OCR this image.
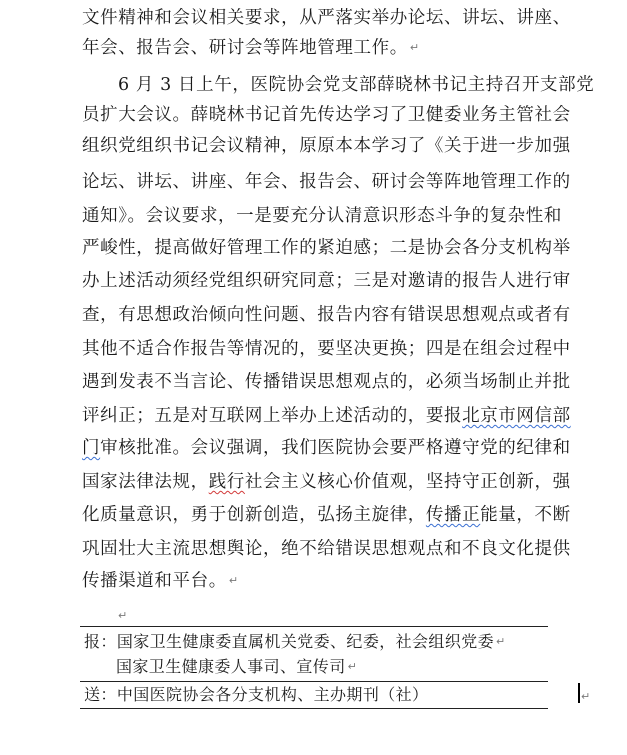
文件精神和会议相关要求，从严落实举办论坛、讲坛、讲座、
年会、报告会、研讨会等阵地管理工作。 ↵
6 月 3 日上午，医院协会党支部薛晓林书记主持召开支部党
员扩大会议。薛晓林书记首先传达学习了卫健委业务主管社会
组织党组织书记会议精神，原原本本学习了《关于进一步加强
论坛、讲坛、讲座、年会、报告会、研讨会等阵地管理工作的
通知》。会议要求，一是要充分认清意识形态斗争的复杂性和
严峻性，提高做好管理工作的紧迫感；二是协会各分支机构举
办上述活动须经党组织研究同意；三是对邀请的报告人进行审
查，有思想政治倾向性问题、报告内容有错误思想观点或者有
其他不适合作报告等情况的，要坚决更换；四是在组会过程中
遇到发表不当言论、传播错误思想观点的，必须当场制止并批
评纠正；五是对互联网上举办上述活动的，要报北京市网信部
门审核批准。会议强调，我们医院协会要严格遵守党的纪律和
国家法律法规，践行社会主义核心价值观，坚持守正创新，强
化质量意识，勇于创新创造，弘扬主旋律，传播正能量，不断
巩固壮大主流思想舆论，绝不给错误思想观点和不良文化提供
传播渠道和平台。 ↵
↵
报：国家卫生健康委直属机关党委、纪委，社会组织党委 ↵
国家卫生健康委人事司、宣传司 ↵
送：中国医院协会各分支机构、主办期刊（社）	↵
